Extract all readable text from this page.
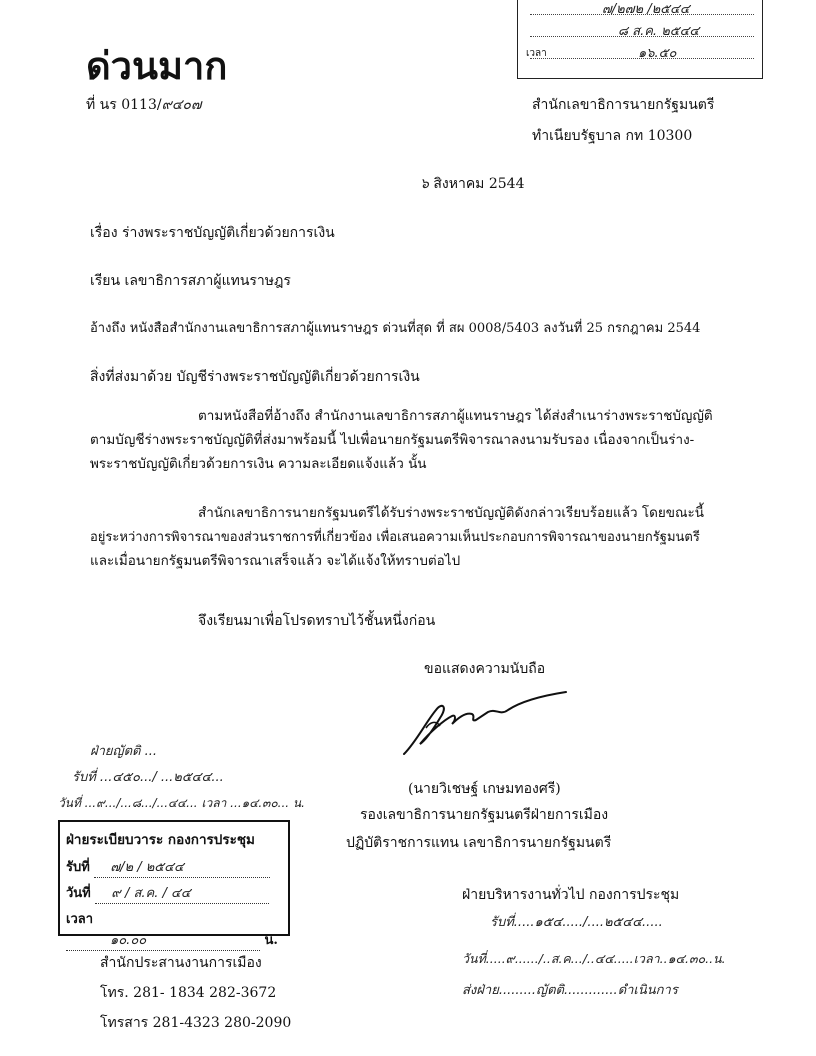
๗/๒๗๒ /๒๕๔๔
๘ ส.ค. ๒๕๔๔
เวลา	๑๖.๕๐
ด่วนมาก
ที่ นร 0113/๙๔๐๗	สำนักเลขาธิการนายกรัฐมนตรี
ทำเนียบรัฐบาล กท 10300
๖ สิงหาคม 2544
เรื่อง ร่างพระราชบัญญัติเกี่ยวด้วยการเงิน
เรียน เลขาธิการสภาผู้แทนราษฎร
อ้างถึง หนังสือสำนักงานเลขาธิการสภาผู้แทนราษฎร ด่วนที่สุด ที่ สผ 0008/5403 ลงวันที่ 25 กรกฎาคม 2544
สิ่งที่ส่งมาด้วย บัญชีร่างพระราชบัญญัติเกี่ยวด้วยการเงิน
ตามหนังสือที่อ้างถึง สำนักงานเลขาธิการสภาผู้แทนราษฎร ได้ส่งสำเนาร่างพระราชบัญญัติ
ตามบัญชีร่างพระราชบัญญัติที่ส่งมาพร้อมนี้ ไปเพื่อนายกรัฐมนตรีพิจารณาลงนามรับรอง เนื่องจากเป็นร่าง-
พระราชบัญญัติเกี่ยวด้วยการเงิน ความละเอียดแจ้งแล้ว นั้น
สำนักเลขาธิการนายกรัฐมนตรีได้รับร่างพระราชบัญญัติดังกล่าวเรียบร้อยแล้ว โดยขณะนี้
อยู่ระหว่างการพิจารณาของส่วนราชการที่เกี่ยวข้อง เพื่อเสนอความเห็นประกอบการพิจารณาของนายกรัฐมนตรี
และเมื่อนายกรัฐมนตรีพิจารณาเสร็จแล้ว จะได้แจ้งให้ทราบต่อไป
จึงเรียนมาเพื่อโปรดทราบไว้ชั้นหนึ่งก่อน
ขอแสดงความนับถือ
(นายวิเชษฐ์ เกษมทองศรี)
รองเลขาธิการนายกรัฐมนตรีฝ่ายการเมือง
ปฏิบัติราชการแทน เลขาธิการนายกรัฐมนตรี
ฝ่ายญัตติ ...
รับที่ ...๔๕๐.../ ...๒๕๔๔...
วันที่ ...๙.../...๘.../...๔๔... เวลา ...๑๔.๓๐... น.
ฝ่ายระเบียบวาระ กองการประชุม
รับที่ ๗/๒ / ๒๕๔๔
วันที่ ๙ / ส.ค. / ๔๔
เวลา ๑๐.๐๐	น.
สำนักประสานงานการเมือง
โทร. 281- 1834 282-3672
โทรสาร 281-4323 280-2090
ฝ่ายบริหารงานทั่วไป กองการประชุม
รับที่.....๑๕๔...../....๒๕๔๔.....
วันที่.....๙....../..ส.ค.../..๔๔.....เวลา..๑๔.๓๐..น.
ส่งฝ่าย.........ญัตติ.............ดำเนินการ
